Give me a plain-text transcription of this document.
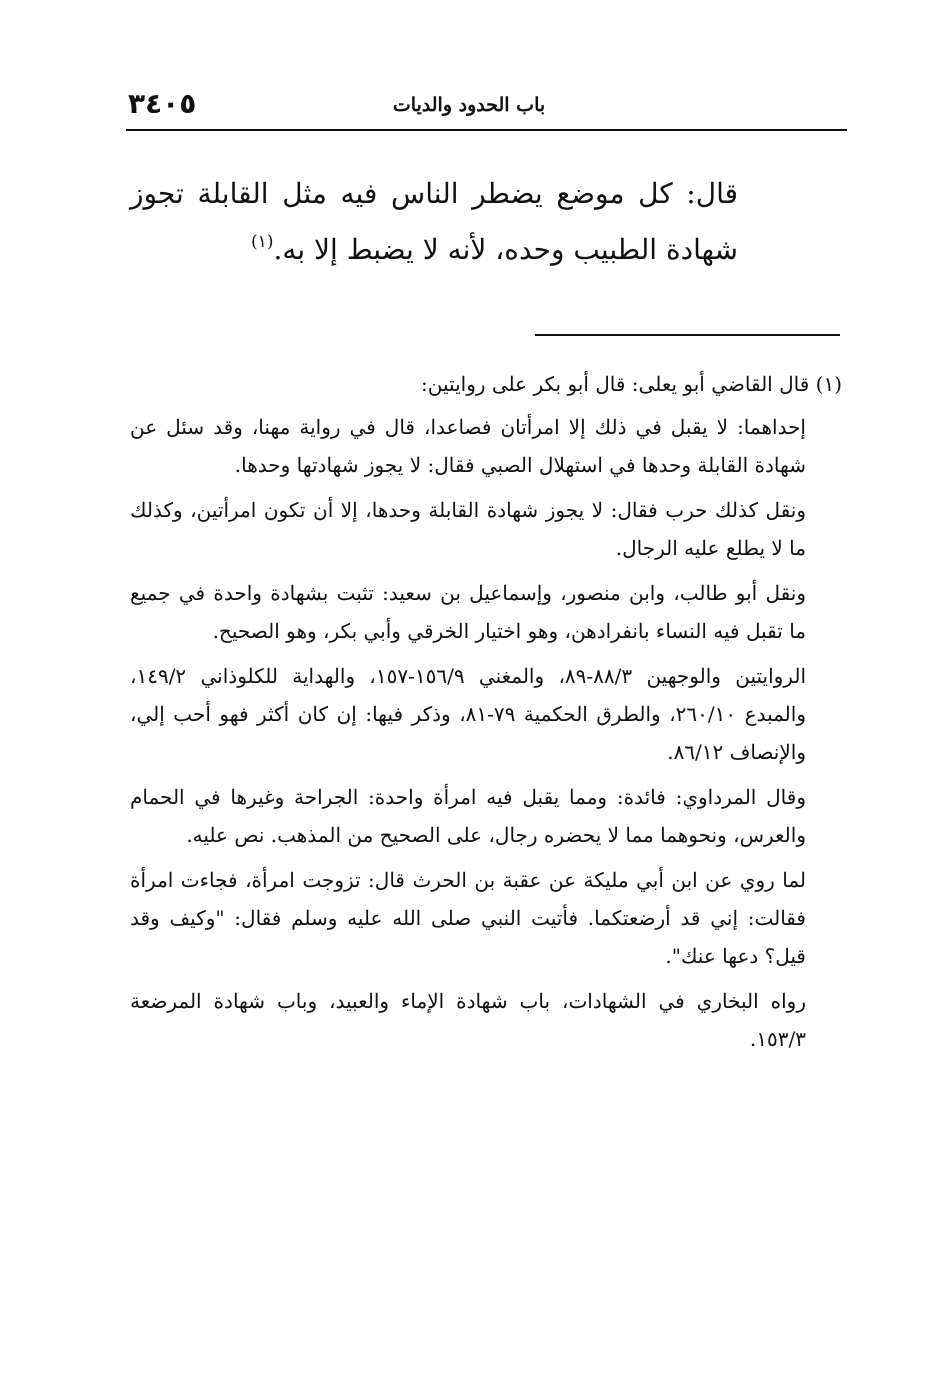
٣٤٠٥	باب الحدود والديات
قال: كل موضع يضطر الناس فيه مثل القابلة تجوز شهادة الطبيب وحده، لأنه لا يضبط إلا به.$^{(١)}$

(١) قال القاضي أبو يعلى: قال أبو بكر على روايتين:

إحداهما: لا يقبل في ذلك إلا امرأتان فصاعدا، قال في رواية مهنا، وقد سئل عن شهادة القابلة وحدها في استهلال الصبي فقال: لا يجوز شهادتها وحدها.

ونقل كذلك حرب فقال: لا يجوز شهادة القابلة وحدها، إلا أن تكون امرأتين، وكذلك ما لا يطلع عليه الرجال.

ونقل أبو طالب، وابن منصور، وإسماعيل بن سعيد: تثبت بشهادة واحدة في جميع ما تقبل فيه النساء بانفرادهن، وهو اختيار الخرقي وأبي بكر، وهو الصحيح.

الروايتين والوجهين ٨٨/٣-٨٩، والمغني ١٥٦/٩-١٥٧، والهداية للكلوذاني ١٤٩/٢، والمبدع ٢٦٠/١٠، والطرق الحكمية ٧٩-٨١، وذكر فيها: إن كان أكثر فهو أحب إلي، والإنصاف ٨٦/١٢.

وقال المرداوي: فائدة: ومما يقبل فيه امرأة واحدة: الجراحة وغيرها في الحمام والعرس، ونحوهما مما لا يحضره رجال، على الصحيح من المذهب. نص عليه.

لما روي عن ابن أبي مليكة عن عقبة بن الحرث قال: تزوجت امرأة، فجاءت امرأة فقالت: إني قد أرضعتكما. فأتيت النبي صلى الله عليه وسلم فقال: "وكيف وقد قيل؟ دعها عنك".

رواه البخاري في الشهادات، باب شهادة الإماء والعبيد، وباب شهادة المرضعة ١٥٣/٣.
